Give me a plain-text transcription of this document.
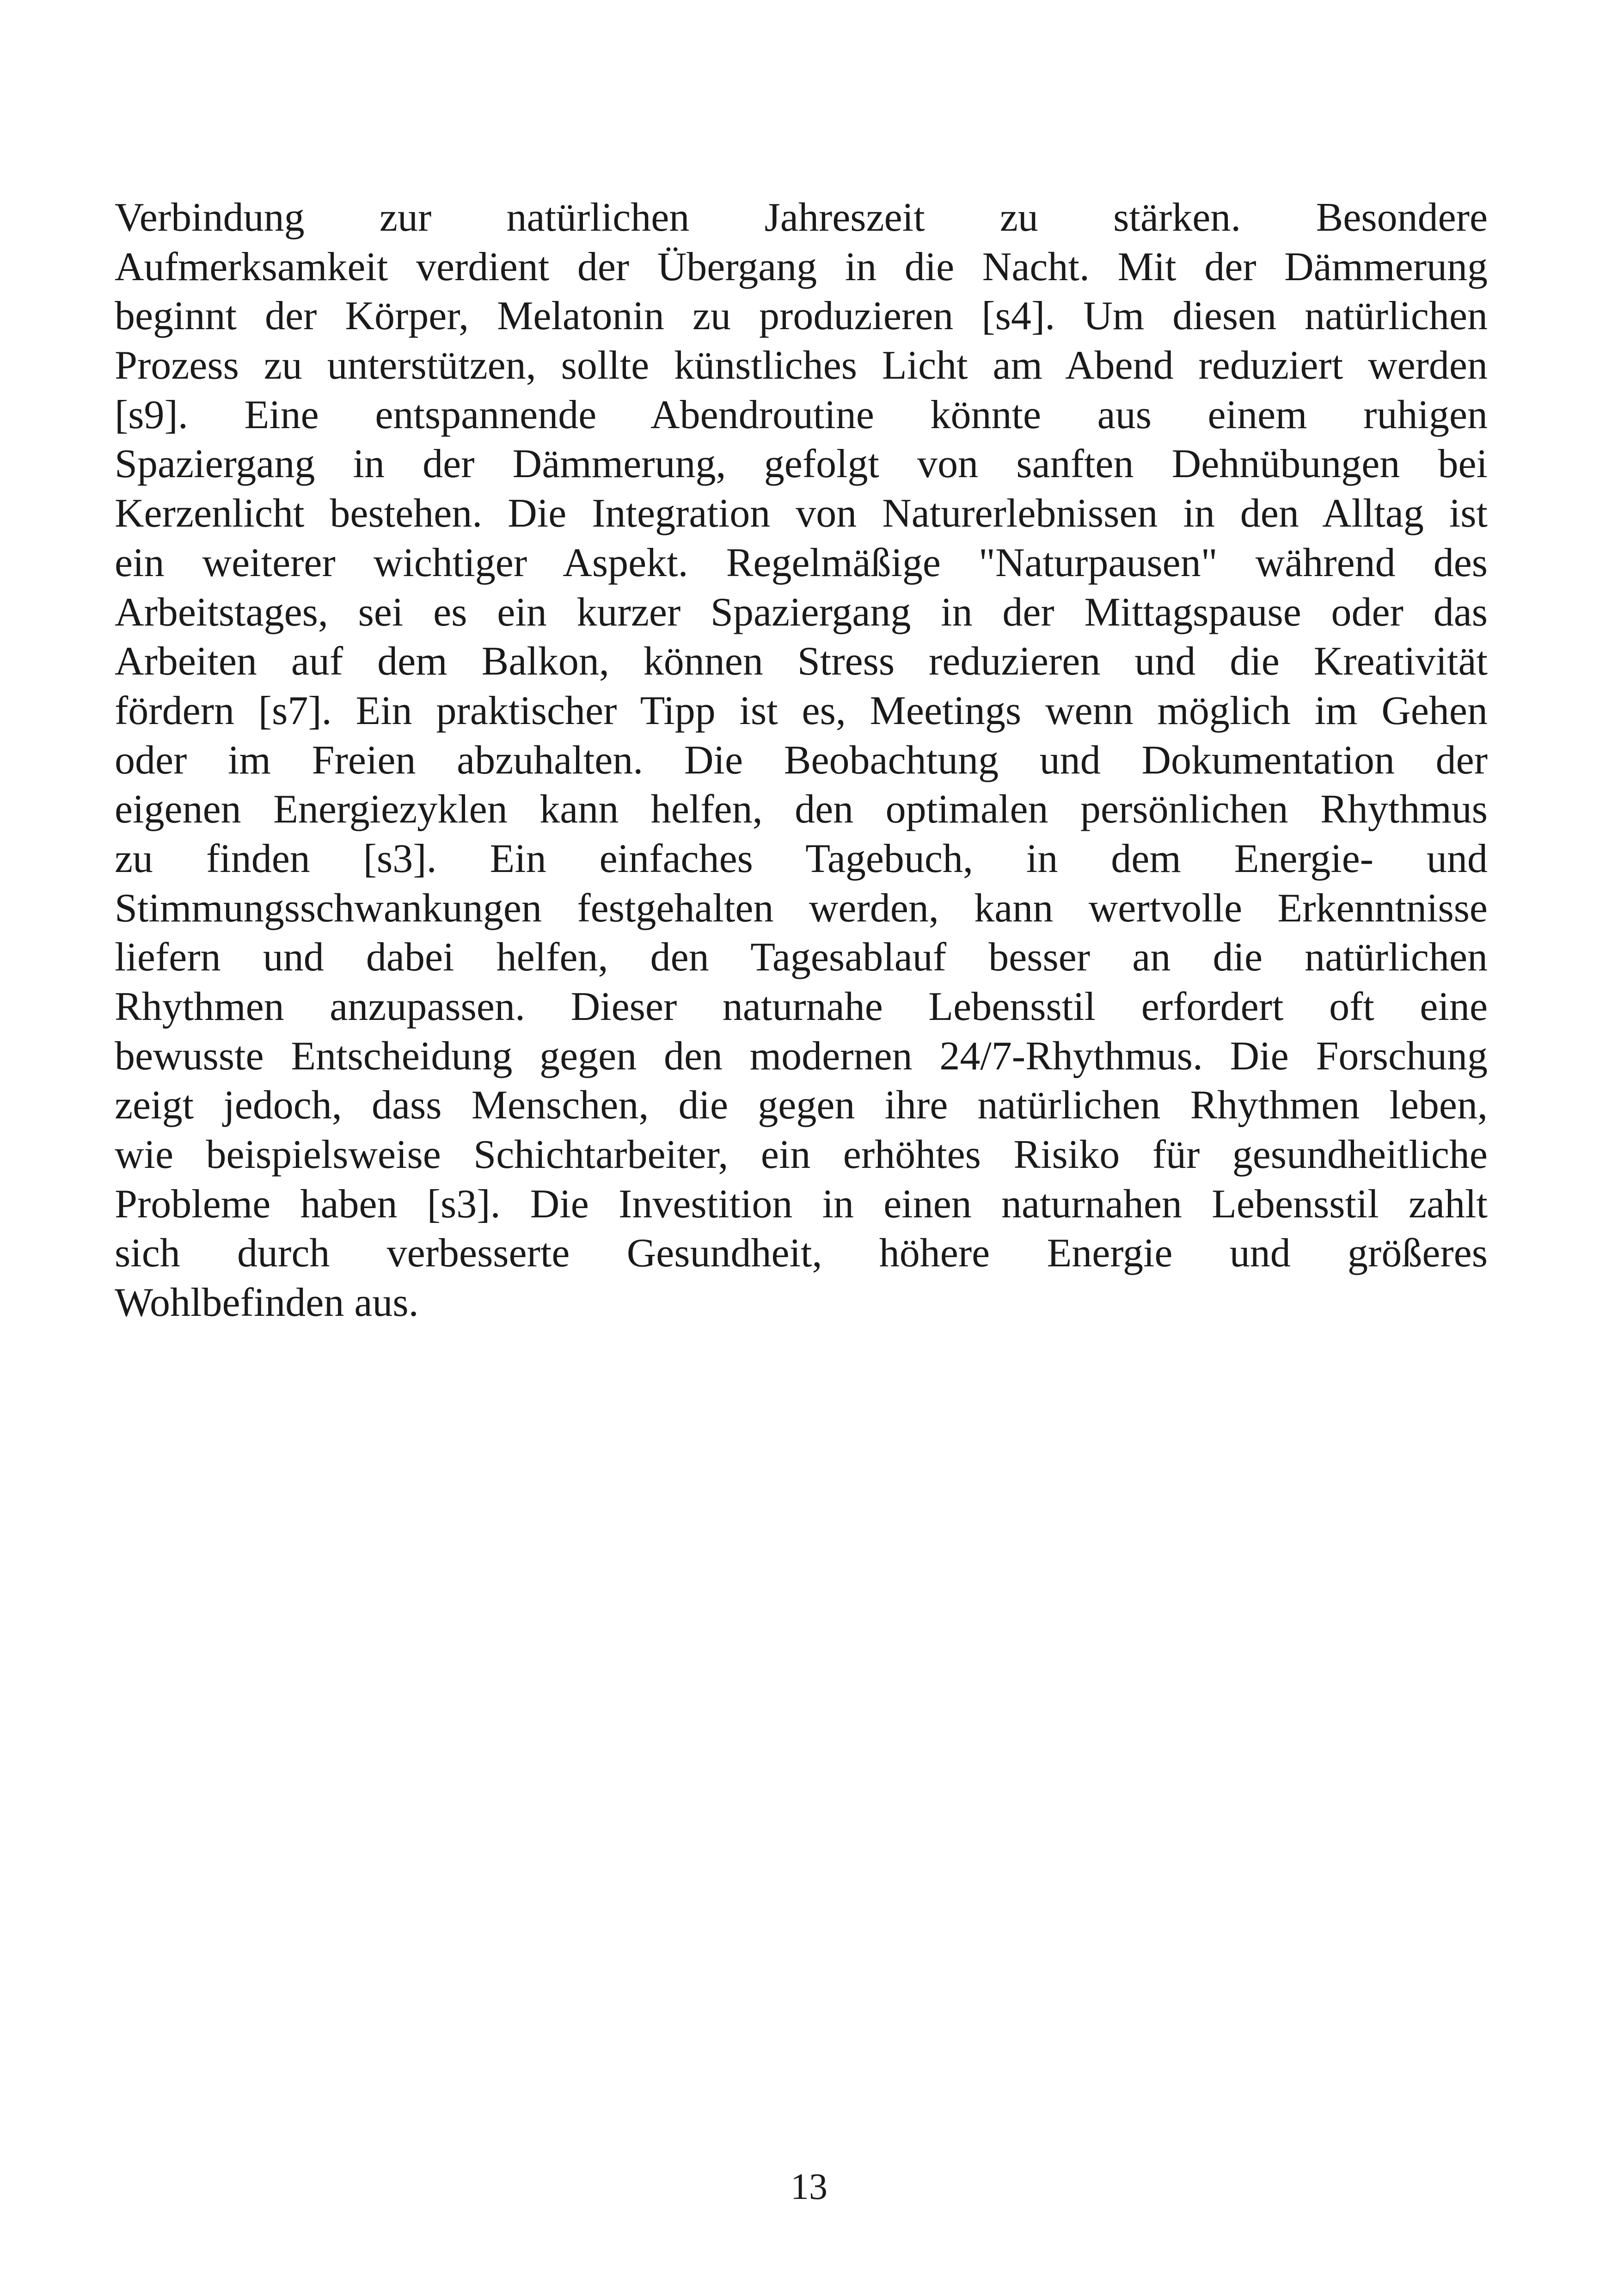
Verbindung zur natürlichen Jahreszeit zu stärken. Besondere
Aufmerksamkeit verdient der Übergang in die Nacht. Mit der Dämmerung
beginnt der Körper, Melatonin zu produzieren [s4]. Um diesen natürlichen
Prozess zu unterstützen, sollte künstliches Licht am Abend reduziert werden
[s9]. Eine entspannende Abendroutine könnte aus einem ruhigen
Spaziergang in der Dämmerung, gefolgt von sanften Dehnübungen bei
Kerzenlicht bestehen. Die Integration von Naturerlebnissen in den Alltag ist
ein weiterer wichtiger Aspekt. Regelmäßige "Naturpausen" während des
Arbeitstages, sei es ein kurzer Spaziergang in der Mittagspause oder das
Arbeiten auf dem Balkon, können Stress reduzieren und die Kreativität
fördern [s7]. Ein praktischer Tipp ist es, Meetings wenn möglich im Gehen
oder im Freien abzuhalten. Die Beobachtung und Dokumentation der
eigenen Energiezyklen kann helfen, den optimalen persönlichen Rhythmus
zu finden [s3]. Ein einfaches Tagebuch, in dem Energie- und
Stimmungsschwankungen festgehalten werden, kann wertvolle Erkenntnisse
liefern und dabei helfen, den Tagesablauf besser an die natürlichen
Rhythmen anzupassen. Dieser naturnahe Lebensstil erfordert oft eine
bewusste Entscheidung gegen den modernen 24/7-Rhythmus. Die Forschung
zeigt jedoch, dass Menschen, die gegen ihre natürlichen Rhythmen leben,
wie beispielsweise Schichtarbeiter, ein erhöhtes Risiko für gesundheitliche
Probleme haben [s3]. Die Investition in einen naturnahen Lebensstil zahlt
sich durch verbesserte Gesundheit, höhere Energie und größeres
Wohlbefinden aus.
13
